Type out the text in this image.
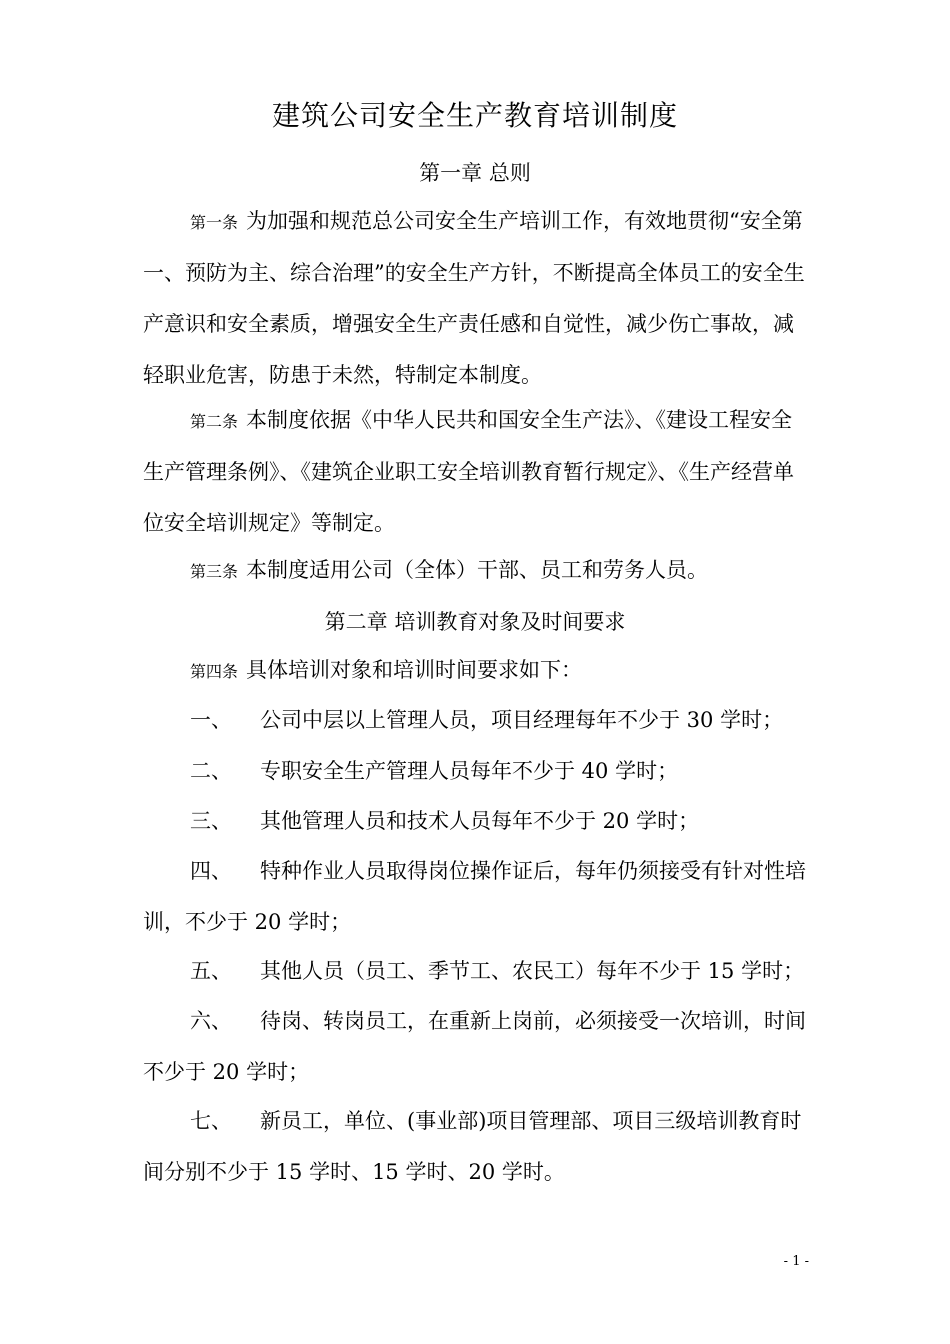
建筑公司安全生产教育培训制度
第一章 总则
第一条 为加强和规范总公司安全生产培训工作，有效地贯彻“安全第一、预防为主、综合治理”的安全生产方针，不断提高全体员工的安全生产意识和安全素质，增强安全生产责任感和自觉性，减少伤亡事故，减轻职业危害，防患于未然，特制定本制度。
第二条 本制度依据《中华人民共和国安全生产法》、《建设工程安全生产管理条例》、《建筑企业职工安全培训教育暂行规定》、《生产经营单位安全培训规定》等制定。
第三条 本制度适用公司（全体）干部、员工和劳务人员。
第二章 培训教育对象及时间要求
第四条 具体培训对象和培训时间要求如下：
一、 公司中层以上管理人员，项目经理每年不少于 30 学时；
二、 专职安全生产管理人员每年不少于 40 学时；
三、 其他管理人员和技术人员每年不少于 20 学时；
四、 特种作业人员取得岗位操作证后，每年仍须接受有针对性培训，不少于 20 学时；
五、 其他人员（员工、季节工、农民工）每年不少于 15 学时；
六、 待岗、转岗员工，在重新上岗前，必须接受一次培训，时间不少于 20 学时；
七、 新员工，单位、(事业部)项目管理部、项目三级培训教育时间分别不少于 15 学时、15 学时、20 学时。
- 1 -
